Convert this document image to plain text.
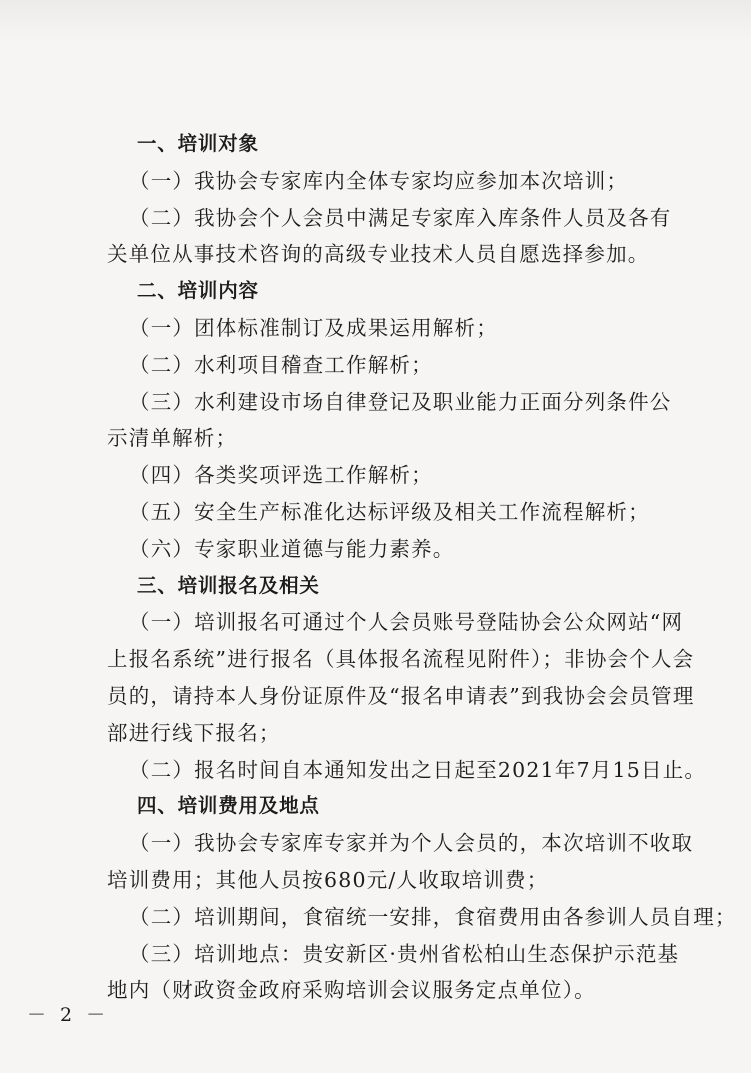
一、培训对象
（一）我协会专家库内全体专家均应参加本次培训；
（二）我协会个人会员中满足专家库入库条件人员及各有
关单位从事技术咨询的高级专业技术人员自愿选择参加。
二、培训内容
（一）团体标准制订及成果运用解析；
（二）水利项目稽查工作解析；
（三）水利建设市场自律登记及职业能力正面分列条件公
示清单解析；
（四）各类奖项评选工作解析；
（五）安全生产标准化达标评级及相关工作流程解析；
（六）专家职业道德与能力素养。
三、培训报名及相关
（一）培训报名可通过个人会员账号登陆协会公众网站“网
上报名系统”进行报名（具体报名流程见附件）；非协会个人会
员的，请持本人身份证原件及“报名申请表”到我协会会员管理
部进行线下报名；
（二）报名时间自本通知发出之日起至2021年7月15日止。
四、培训费用及地点
（一）我协会专家库专家并为个人会员的，本次培训不收取
培训费用；其他人员按680元/人收取培训费；
（二）培训期间，食宿统一安排，食宿费用由各参训人员自理；
（三）培训地点：贵安新区·贵州省松柏山生态保护示范基
地内（财政资金政府采购培训会议服务定点单位）。
－ 2 －
